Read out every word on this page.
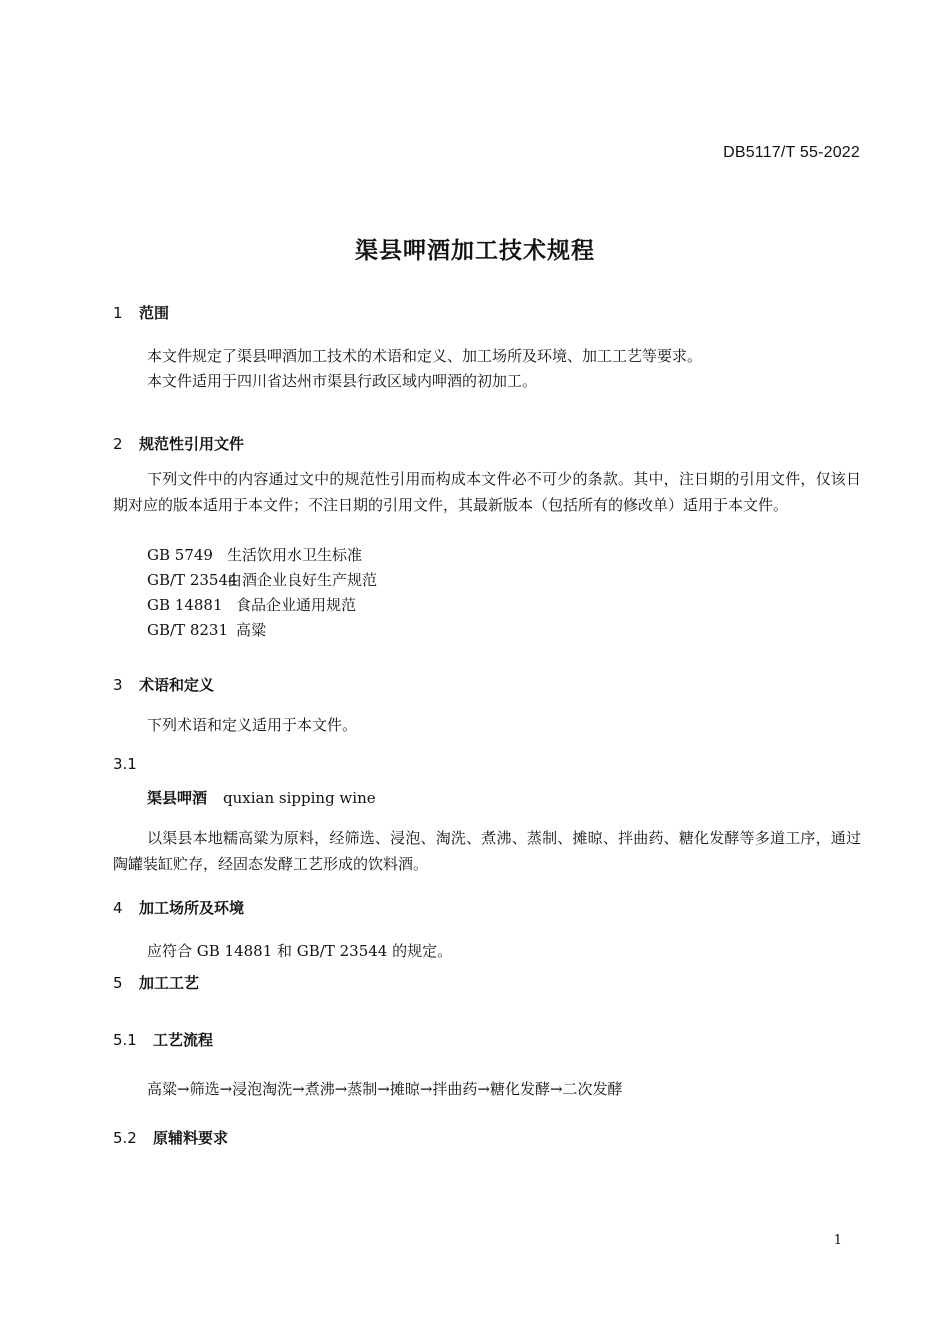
DB5117/T 55-2022
渠县呷酒加工技术规程
1 范围
本文件规定了渠县呷酒加工技术的术语和定义、加工场所及环境、加工工艺等要求。
本文件适用于四川省达州市渠县行政区域内呷酒的初加工。
2 规范性引用文件
下列文件中的内容通过文中的规范性引用而构成本文件必不可少的条款。其中，注日期的引用文件，仅该日期对应的版本适用于本文件；不注日期的引用文件，其最新版本（包括所有的修改单）适用于本文件。
GB 5749 生活饮用水卫生标准
GB/T 23544白酒企业良好生产规范
GB 14881 食品企业通用规范
GB/T 8231 高粱
3 术语和定义
下列术语和定义适用于本文件。
3.1
渠县呷酒 quxian sipping wine
以渠县本地糯高粱为原料，经筛选、浸泡、淘洗、煮沸、蒸制、摊晾、拌曲药、糖化发酵等多道工序，通过陶罐装缸贮存，经固态发酵工艺形成的饮料酒。
4 加工场所及环境
应符合 GB 14881 和 GB/T 23544 的规定。
5 加工工艺
5.1 工艺流程
高粱→筛选→浸泡淘洗→煮沸→蒸制→摊晾→拌曲药→糖化发酵→二次发酵
5.2 原辅料要求
1
